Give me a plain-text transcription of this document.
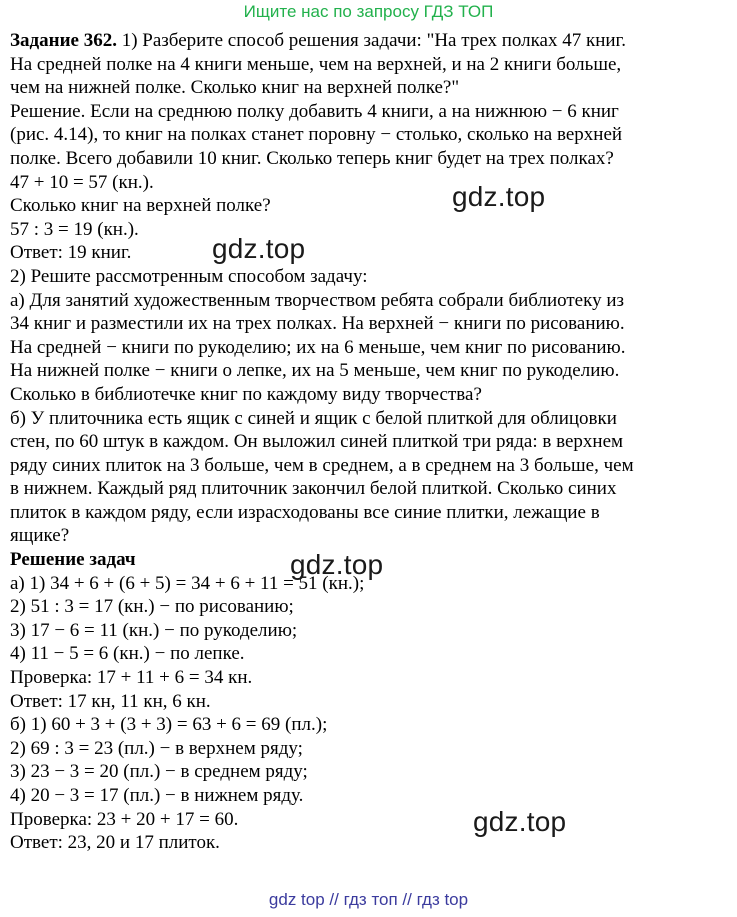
Ищите нас по запросу ГДЗ ТОП

Задание 362. 1) Разберите способ решения задачи: "На трех полках 47 книг.

На средней полке на 4 книги меньше, чем на верхней, и на 2 книги больше,

чем на нижней полке. Сколько книг на верхней полке?"

Решение. Если на среднюю полку добавить 4 книги, а на нижнюю − 6 книг

(рис. 4.14), то книг на полках станет поровну − столько, сколько на верхней

полке. Всего добавили 10 книг. Сколько теперь книг будет на трех полках?

47 + 10 = 57 (кн.).

Сколько книг на верхней полке?

57 : 3 = 19 (кн.).

Ответ: 19 книг.

2) Решите рассмотренным способом задачу:

а) Для занятий художественным творчеством ребята собрали библиотеку из

34 книг и разместили их на трех полках. На верхней − книги по рисованию.

На средней − книги по рукоделию; их на 6 меньше, чем книг по рисованию.

На нижней полке − книги о лепке, их на 5 меньше, чем книг по рукоделию.

Сколько в библиотечке книг по каждому виду творчества?

б) У плиточника есть ящик с синей и ящик с белой плиткой для облицовки

стен, по 60 штук в каждом. Он выложил синей плиткой три ряда: в верхнем

ряду синих плиток на 3 больше, чем в среднем, а в среднем на 3 больше, чем

в нижнем. Каждый ряд плиточник закончил белой плиткой. Сколько синих

плиток в каждом ряду, если израсходованы все синие плитки, лежащие в

ящике?

Решение задач

а) 1) 34 + 6 + (6 + 5) = 34 + 6 + 11 = 51 (кн.);

2) 51 : 3 = 17 (кн.) − по рисованию;

3) 17 − 6 = 11 (кн.) − по рукоделию;

4) 11 − 5 = 6 (кн.) − по лепке.

Проверка: 17 + 11 + 6 = 34 кн.

Ответ: 17 кн, 11 кн, 6 кн.

б) 1) 60 + 3 + (3 + 3) = 63 + 6 = 69 (пл.);

2) 69 : 3 = 23 (пл.) − в верхнем ряду;

3) 23 − 3 = 20 (пл.) − в среднем ряду;

4) 20 − 3 = 17 (пл.) − в нижнем ряду.

Проверка: 23 + 20 + 17 = 60.

Ответ: 23, 20 и 17 плиток.

gdz.top
gdz.top
gdz.top
gdz.top
gdz top // гдз топ // гдз top
